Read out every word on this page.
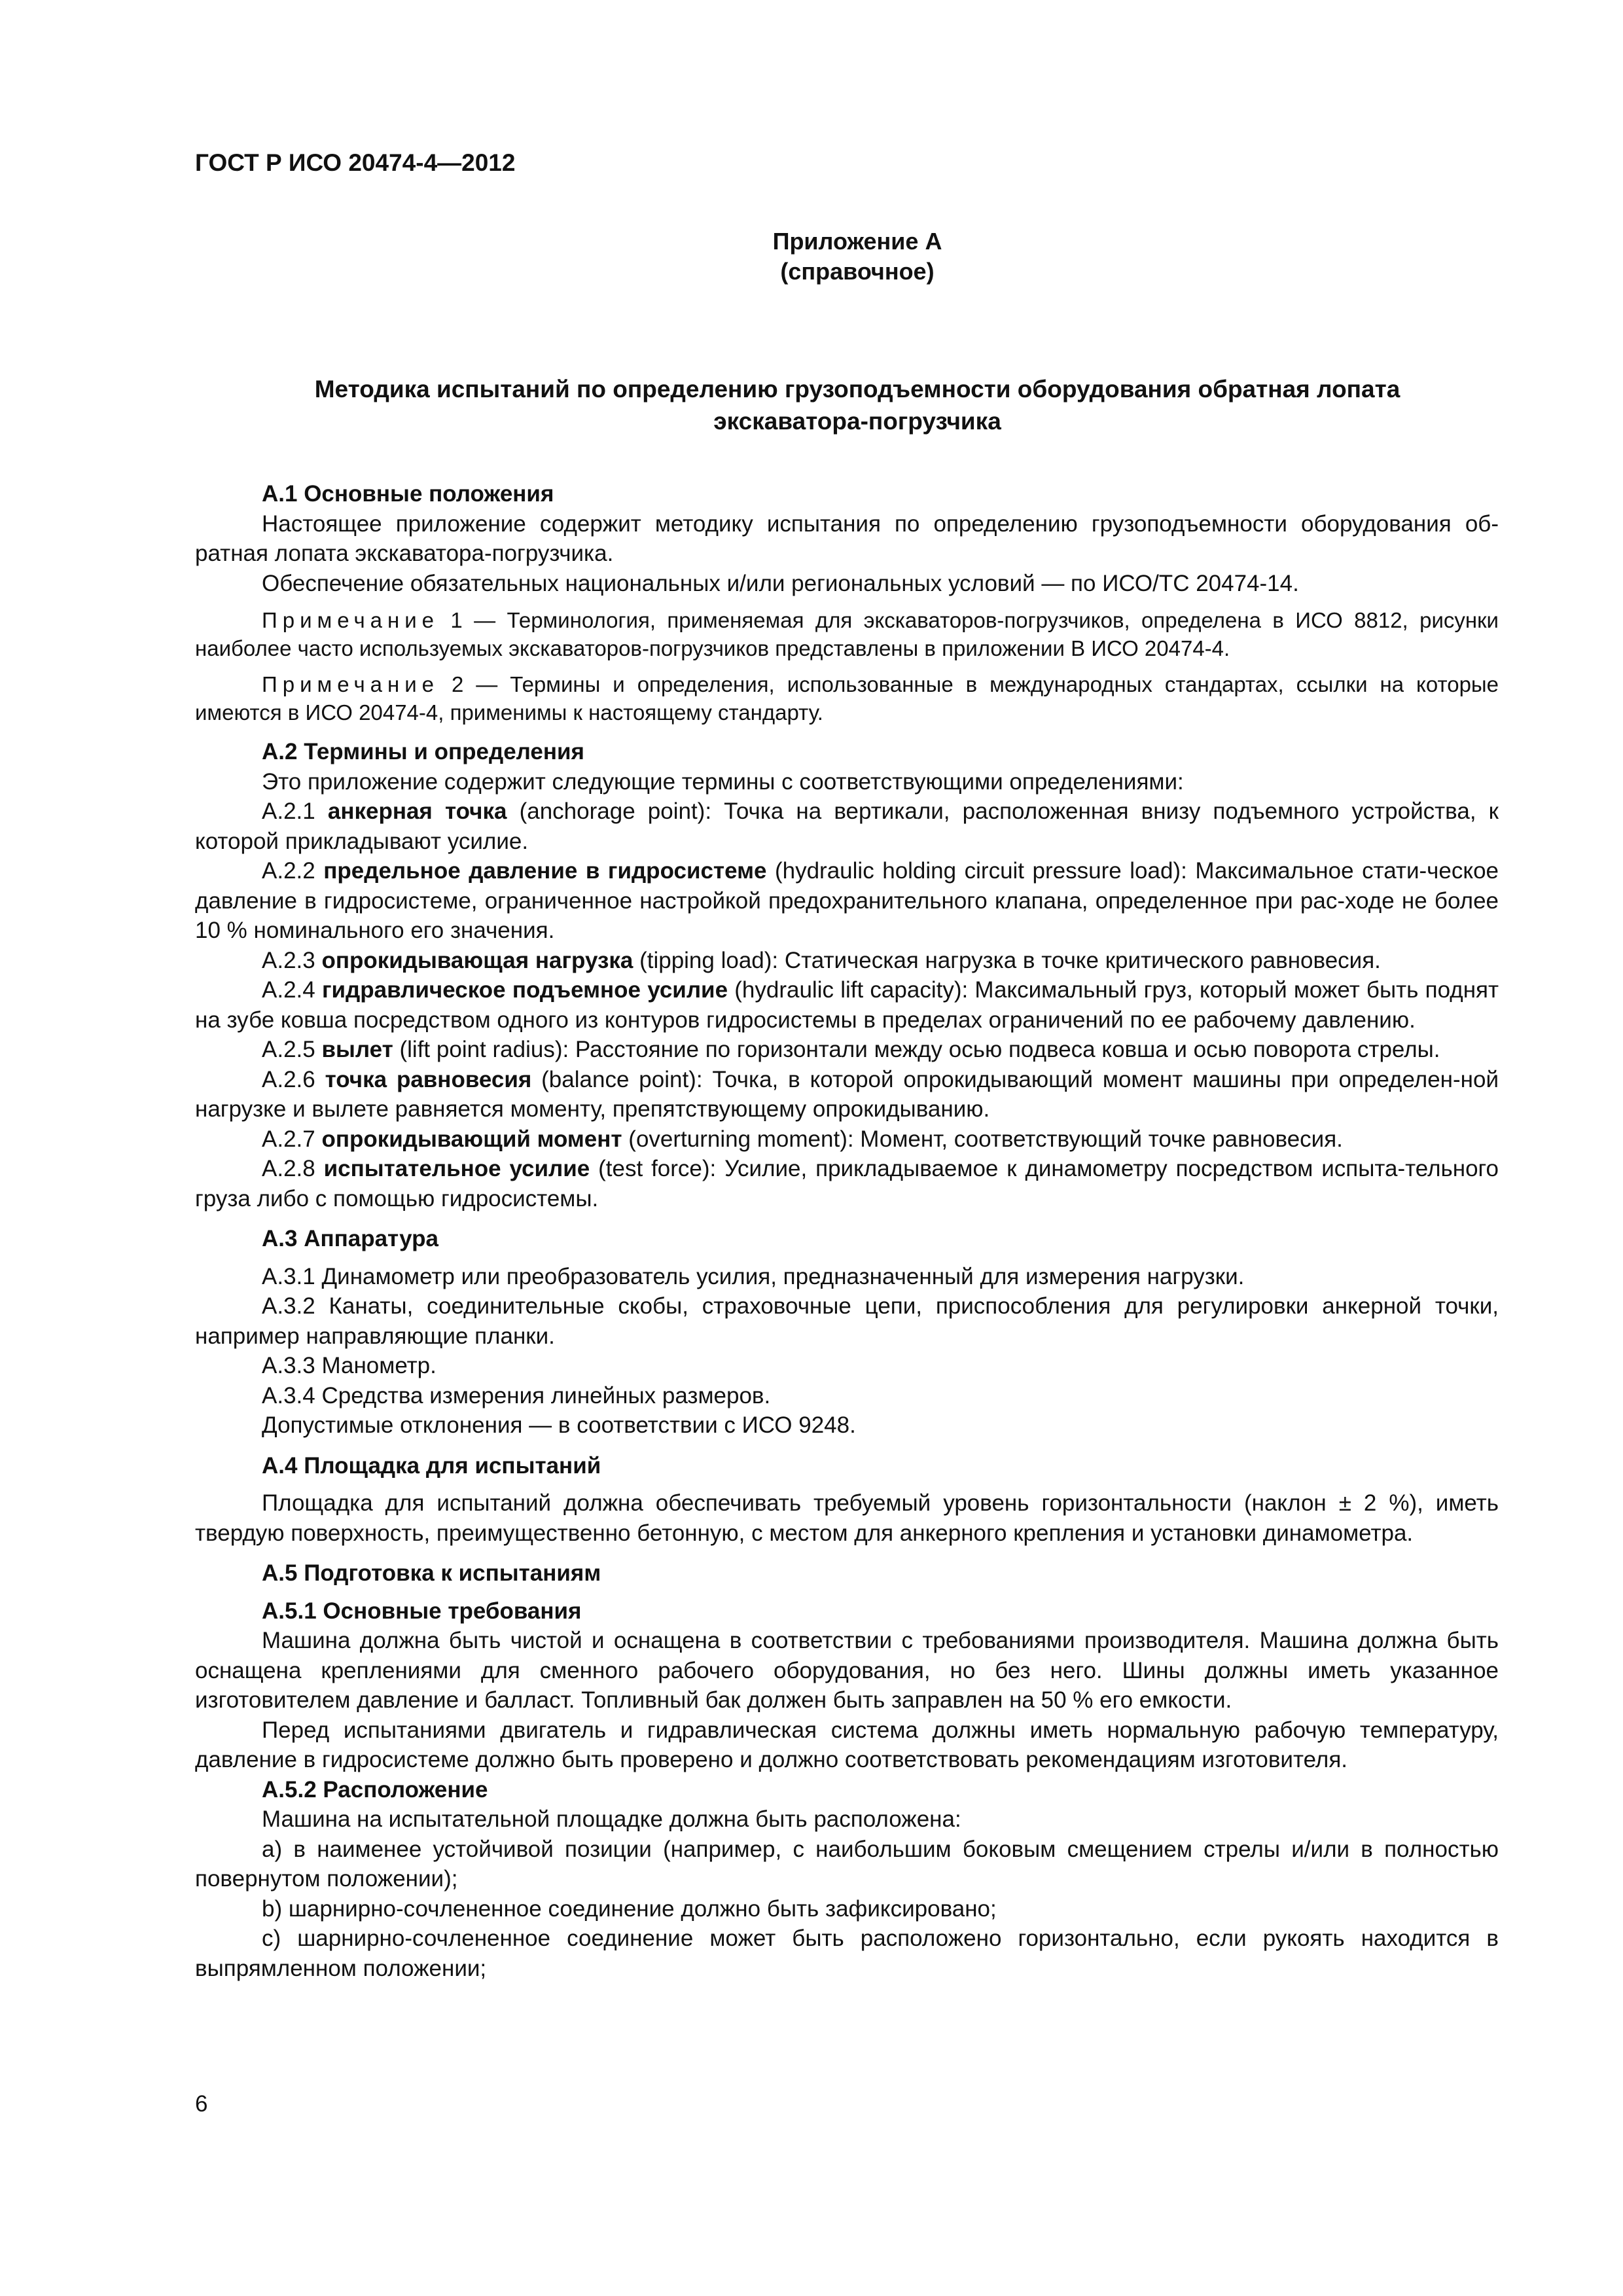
ГОСТ Р ИСО 20474-4—2012
Приложение А
(справочное)
Методика испытаний по определению грузоподъемности оборудования обратная лопата
экскаватора-погрузчика

А.1 Основные положения

Настоящее приложение содержит методику испытания по определению грузоподъемности оборудования об-ратная лопата экскаватора-погрузчика.

Обеспечение обязательных национальных и/или региональных условий — по ИСО/ТС 20474-14.

Примечание 1 — Терминология, применяемая для экскаваторов-погрузчиков, определена в ИСО 8812, рисунки наиболее часто используемых экскаваторов-погрузчиков представлены в приложении В ИСО 20474-4.

Примечание 2 — Термины и определения, использованные в международных стандартах, ссылки на которые имеются в ИСО 20474-4, применимы к настоящему стандарту.

А.2 Термины и определения

Это приложение содержит следующие термины с соответствующими определениями:

А.2.1 анкерная точка (anchorage point): Точка на вертикали, расположенная внизу подъемного устройства, к которой прикладывают усилие.

А.2.2 предельное давление в гидросистеме (hydraulic holding circuit pressure load): Максимальное стати-ческое давление в гидросистеме, ограниченное настройкой предохранительного клапана, определенное при рас-ходе не более 10 % номинального его значения.

А.2.3 опрокидывающая нагрузка (tipping load): Статическая нагрузка в точке критического равновесия.

А.2.4 гидравлическое подъемное усилие (hydraulic lift capacity): Максимальный груз, который может быть поднят на зубе ковша посредством одного из контуров гидросистемы в пределах ограничений по ее рабочему давлению.

А.2.5 вылет (lift point radius): Расстояние по горизонтали между осью подвеса ковша и осью поворота стрелы.

А.2.6 точка равновесия (balance point): Точка, в которой опрокидывающий момент машины при определен-ной нагрузке и вылете равняется моменту, препятствующему опрокидыванию.

А.2.7 опрокидывающий момент (overturning moment): Момент, соответствующий точке равновесия.

А.2.8 испытательное усилие (test force): Усилие, прикладываемое к динамометру посредством испыта-тельного груза либо с помощью гидросистемы.

А.3 Аппаратура

А.3.1 Динамометр или преобразователь усилия, предназначенный для измерения нагрузки.

А.3.2 Канаты, соединительные скобы, страховочные цепи, приспособления для регулировки анкерной точки, например направляющие планки.

А.3.3 Манометр.

А.3.4 Средства измерения линейных размеров.

Допустимые отклонения — в соответствии с ИСО 9248.

А.4 Площадка для испытаний

Площадка для испытаний должна обеспечивать требуемый уровень горизонтальности (наклон ± 2 %), иметь твердую поверхность, преимущественно бетонную, с местом для анкерного крепления и установки динамометра.

А.5 Подготовка к испытаниям

А.5.1 Основные требования

Машина должна быть чистой и оснащена в соответствии с требованиями производителя. Машина должна быть оснащена креплениями для сменного рабочего оборудования, но без него. Шины должны иметь указанное изготовителем давление и балласт. Топливный бак должен быть заправлен на 50 % его емкости.

Перед испытаниями двигатель и гидравлическая система должны иметь нормальную рабочую температуру, давление в гидросистеме должно быть проверено и должно соответствовать рекомендациям изготовителя.

А.5.2 Расположение

Машина на испытательной площадке должна быть расположена:

а) в наименее устойчивой позиции (например, с наибольшим боковым смещением стрелы и/или в полностью повернутом положении);

b) шарнирно-сочлененное соединение должно быть зафиксировано;

c) шарнирно-сочлененное соединение может быть расположено горизонтально, если рукоять находится в выпрямленном положении;

6
